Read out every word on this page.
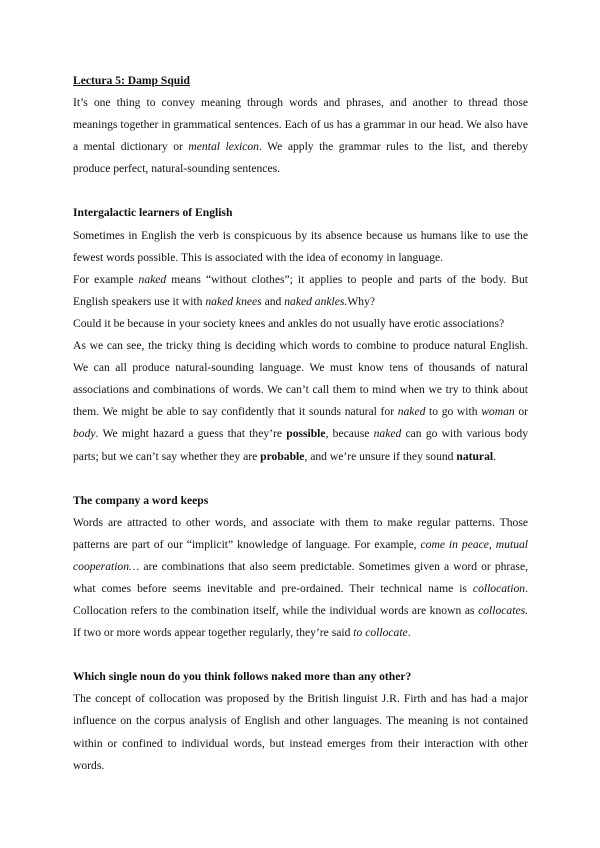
Lectura 5: Damp Squid

It’s one thing to convey meaning through words and phrases, and another to thread those meanings together in grammatical sentences. Each of us has a grammar in our head. We also have a mental dictionary or mental lexicon. We apply the grammar rules to the list, and thereby produce perfect, natural-sounding sentences.

Intergalactic learners of English

Sometimes in English the verb is conspicuous by its absence because us humans like to use the fewest words possible. This is associated with the idea of economy in language.

For example naked means “without clothes”; it applies to people and parts of the body. But English speakers use it with naked knees and naked ankles.Why?

Could it be because in your society knees and ankles do not usually have erotic associations?

As we can see, the tricky thing is deciding which words to combine to produce natural English. We can all produce natural-sounding language. We must know tens of thousands of natural associations and combinations of words. We can’t call them to mind when we try to think about them. We might be able to say confidently that it sounds natural for naked to go with woman or body. We might hazard a guess that they’re possible, because naked can go with various body parts; but we can’t say whether they are probable, and we’re unsure if they sound natural.

The company a word keeps

Words are attracted to other words, and associate with them to make regular patterns. Those patterns are part of our “implicit” knowledge of language. For example, come in peace, mutual cooperation… are combinations that also seem predictable. Sometimes given a word or phrase, what comes before seems inevitable and pre-ordained. Their technical name is collocation. Collocation refers to the combination itself, while the individual words are known as collocates. If two or more words appear together regularly, they’re said to collocate.

Which single noun do you think follows naked more than any other?

The concept of collocation was proposed by the British linguist J.R. Firth and has had a major influence on the corpus analysis of English and other languages. The meaning is not contained within or confined to individual words, but instead emerges from their interaction with other words.
